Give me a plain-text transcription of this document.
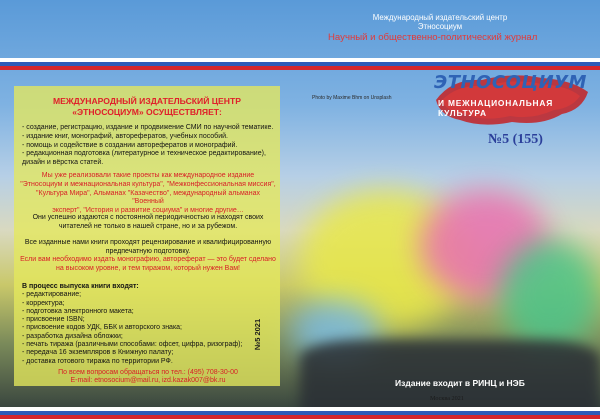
МЕЖДУНАРОДНЫЙ ИЗДАТЕЛЬСКИЙ ЦЕНТР
«ЭТНОСОЦИУМ» ОСУЩЕСТВЛЯЕТ:
- создание, регистрацию, издание и продвижение СМИ по научной тематике.
- издание книг, монографий, авторефератов, учебных пособий.
- помощь и содействие в создании авторефератов и монографий.
- редакционная подготовка (литературное и техническое редактирование),
дизайн и вёрстка статей.
Мы уже реализовали такие проекты как международное издание
"Этносоциум и межнациональная культура", "Межконфессиональная миссия",
"Культура Мира", Альманах "Казачество", международный альманах "Военный
эксперт", "История и развитие социума" и многие другие…
Они успешно издаются с постоянной периодичностью и находят своих
читателей не только в нашей стране, но и за рубежом.
Все изданные нами книги проходят рецензирование и квалифицированную
предпечатную подготовку.
Если вам необходимо издать монографию, автореферат — это будет сделано
на высоком уровне, и тем тиражом, который нужен Вам!
В процесс выпуска книги входят:
- редактирование;
- корректура;
- подготовка электронного макета;
- присвоение ISBN;
- присвоение кодов УДК, ББК и авторского знака;
- разработка дизайна обложки;
- печать тиража (различными способами: офсет, цифра, ризограф);
- передача 16 экземпляров в Книжную палату;
- доставка готового тиража по территории РФ.
По всем вопросам обращаться по тел.: (495) 708-30-00
E-mail: etnosocium@mail.ru, izd.kazak007@bk.ru
№5 2021
Международный издательский центр
Этносоциум
Научный и общественно-политический журнал
ЭТНОСОЦИУМ
И МЕЖНАЦИОНАЛЬНАЯ КУЛЬТУРА
№5 (155)
Photo by Maxime Bhm on Unsplash
Издание входит в РИНЦ и НЭБ
Москва 2021
